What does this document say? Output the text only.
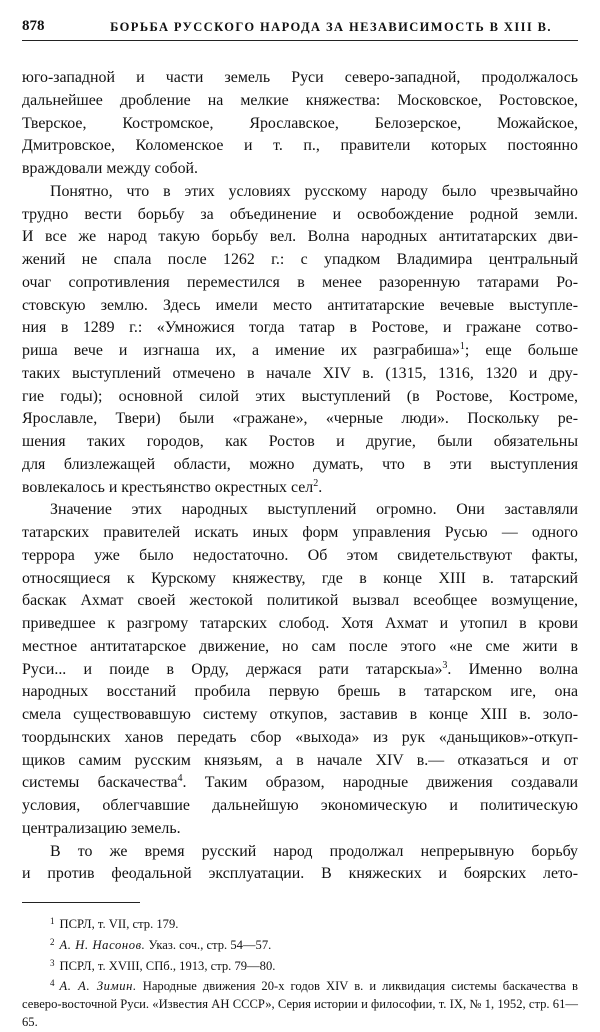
878	БОРЬБА РУССКОГО НАРОДА ЗА НЕЗАВИСИМОСТЬ В XIII В.

юго-западной и части земель Руси северо-западной, продолжалось

дальнейшее дробление на мелкие княжества: Московское, Ростовское,

Тверское, Костромское, Ярославское, Белозерское, Можайское,

Дмитровское, Коломенское и т. п., правители которых постоянно

враждовали между собой.

Понятно, что в этих условиях русскому народу было чрезвычайно

трудно вести борьбу за объединение и освобождение родной земли.

И все же народ такую борьбу вел. Волна народных антитатарских дви-

жений не спала после 1262 г.: с упадком Владимира центральный

очаг сопротивления переместился в менее разоренную татарами Ро-

стовскую землю. Здесь имели место антитатарские вечевые выступле-

ния в 1289 г.: «Умножися тогда татар в Ростове, и гражане сотво-

риша вече и изгнаша их, а имение их разграбиша»$^1$; еще больше

таких выступлений отмечено в начале XIV в. (1315, 1316, 1320 и дру-

гие годы); основной силой этих выступлений (в Ростове, Костроме,

Ярославле, Твери) были «гражане», «черные люди». Поскольку ре-

шения таких городов, как Ростов и другие, были обязательны

для близлежащей области, можно думать, что в эти выступления

вовлекалось и крестьянство окрестных сел$^2$.

Значение этих народных выступлений огромно. Они заставляли

татарских правителей искать иных форм управления Русью — одного

террора уже было недостаточно. Об этом свидетельствуют факты,

относящиеся к Курскому княжеству, где в конце XIII в. татарский

баскак Ахмат своей жестокой политикой вызвал всеобщее возмущение,

приведшее к разгрому татарских слобод. Хотя Ахмат и утопил в крови

местное антитатарское движение, но сам после этого «не сме жити в

Руси... и поиде в Орду, держася рати татарскыа»$^3$. Именно волна

народных восстаний пробила первую брешь в татарском иге, она

смела существовавшую систему откупов, заставив в конце XIII в. золо-

тоордынских ханов передать сбор «выхода» из рук «даньщиков»-откуп-

щиков самим русским князьям, а в начале XIV в.— отказаться и от

системы баскачества$^4$. Таким образом, народные движения создавали

условия, облегчавшие дальнейшую экономическую и политическую

централизацию земель.

В то же время русский народ продолжал непрерывную борьбу

и против феодальной эксплуатации. В княжеских и боярских лето-

$^1$ ПСРЛ, т. VII, стр. 179.
$^2$ А. Н. Насонов. Указ. соч., стр. 54—57.
$^3$ ПСРЛ, т. XVIII, СПб., 1913, стр. 79—80.
$^4$ А. А. Зимин. Народные движения 20-х годов XIV в. и ликвидация системы баскачества в северо-восточной Руси. «Известия АН СССР», Серия истории и философии, т. IX, № 1, 1952, стр. 61—65.
